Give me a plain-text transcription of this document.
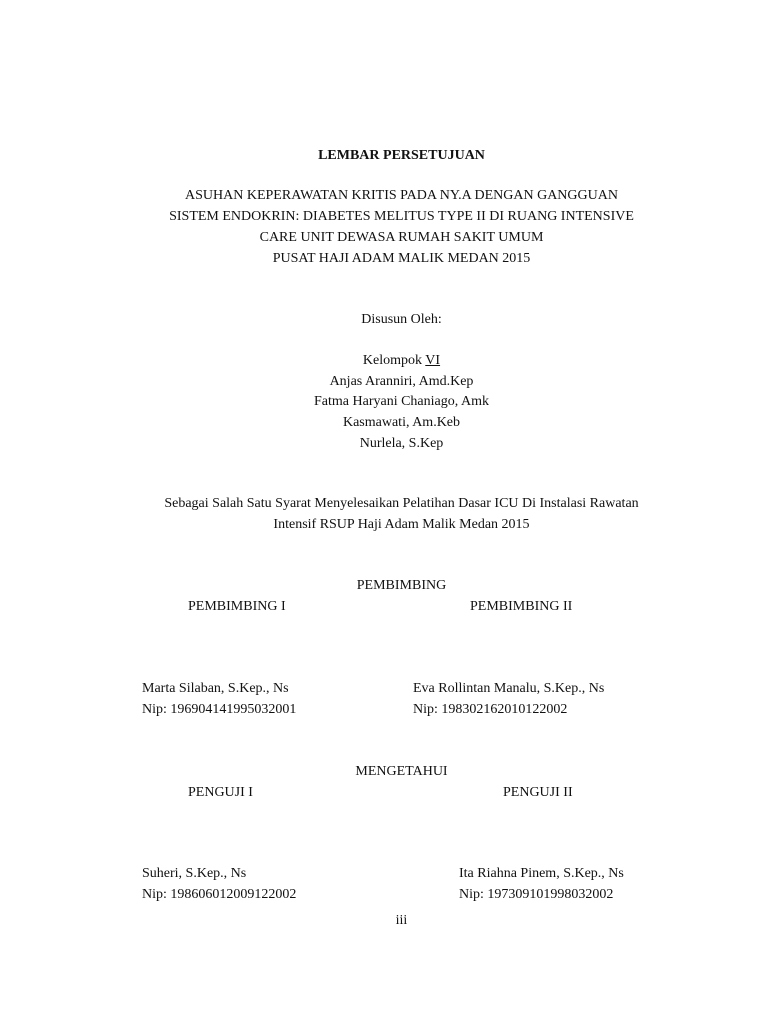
LEMBAR PERSETUJUAN
ASUHAN KEPERAWATAN KRITIS PADA NY.A DENGAN GANGGUAN
SISTEM ENDOKRIN: DIABETES MELITUS TYPE II DI RUANG INTENSIVE
CARE UNIT DEWASA RUMAH SAKIT UMUM
PUSAT HAJI ADAM MALIK MEDAN 2015
Disusun Oleh:
Kelompok VI
Anjas Aranniri, Amd.Kep
Fatma Haryani Chaniago, Amk
Kasmawati, Am.Keb
Nurlela, S.Kep
Sebagai Salah Satu Syarat Menyelesaikan Pelatihan Dasar ICU Di Instalasi Rawatan
Intensif RSUP Haji Adam Malik Medan 2015
PEMBIMBING
PEMBIMBING I	PEMBIMBING II
Marta Silaban, S.Kep., Ns
Nip: 196904141995032001
Eva Rollintan Manalu, S.Kep., Ns
Nip: 198302162010122002
MENGETAHUI
PENGUJI I	PENGUJI II
Suheri, S.Kep., Ns
Nip: 198606012009122002
Ita Riahna Pinem, S.Kep., Ns
Nip: 197309101998032002
iii
